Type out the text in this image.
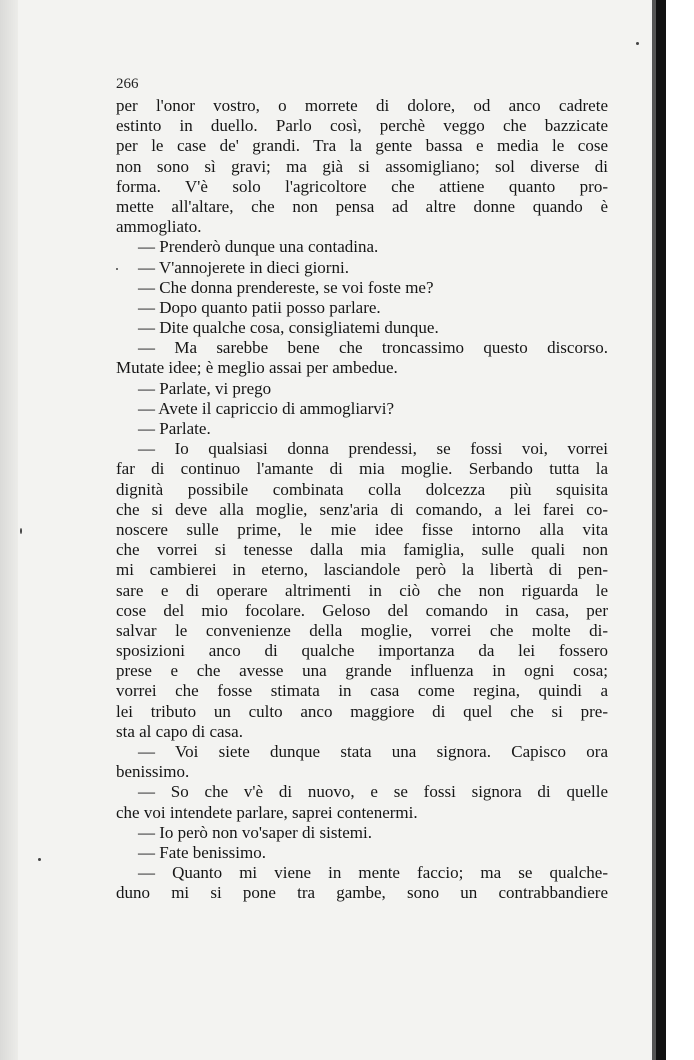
266
per l'onor vostro, o morrete di dolore, od anco cadrete
estinto in duello. Parlo così, perchè veggo che bazzicate
per le case de' grandi. Tra la gente bassa e media le cose
non sono sì gravi; ma già si assomigliano; sol diverse di
forma. V'è solo l'agricoltore che attiene quanto pro-
mette all'altare, che non pensa ad altre donne quando è
ammogliato.
— Prenderò dunque una contadina.
— V'annojerete in dieci giorni.
— Che donna prendereste, se voi foste me?
— Dopo quanto patii posso parlare.
— Dite qualche cosa, consigliatemi dunque.
— Ma sarebbe bene che troncassimo questo discorso.
Mutate idee; è meglio assai per ambedue.
— Parlate, vi prego
— Avete il capriccio di ammogliarvi?
— Parlate.
— Io qualsiasi donna prendessi, se fossi voi, vorrei
far di continuo l'amante di mia moglie. Serbando tutta la
dignità possibile combinata colla dolcezza più squisita
che si deve alla moglie, senz'aria di comando, a lei farei co-
noscere sulle prime, le mie idee fisse intorno alla vita
che vorrei si tenesse dalla mia famiglia, sulle quali non
mi cambierei in eterno, lasciandole però la libertà di pen-
sare e di operare altrimenti in ciò che non riguarda le
cose del mio focolare. Geloso del comando in casa, per
salvar le convenienze della moglie, vorrei che molte di-
sposizioni anco di qualche importanza da lei fossero
prese e che avesse una grande influenza in ogni cosa;
vorrei che fosse stimata in casa come regina, quindi a
lei tributo un culto anco maggiore di quel che si pre-
sta al capo di casa.
— Voi siete dunque stata una signora. Capisco ora
benissimo.
— So che v'è di nuovo, e se fossi signora di quelle
che voi intendete parlare, saprei contenermi.
— Io però non vo'saper di sistemi.
— Fate benissimo.
— Quanto mi viene in mente faccio; ma se qualche-
duno mi si pone tra gambe, sono un contrabbandiere
